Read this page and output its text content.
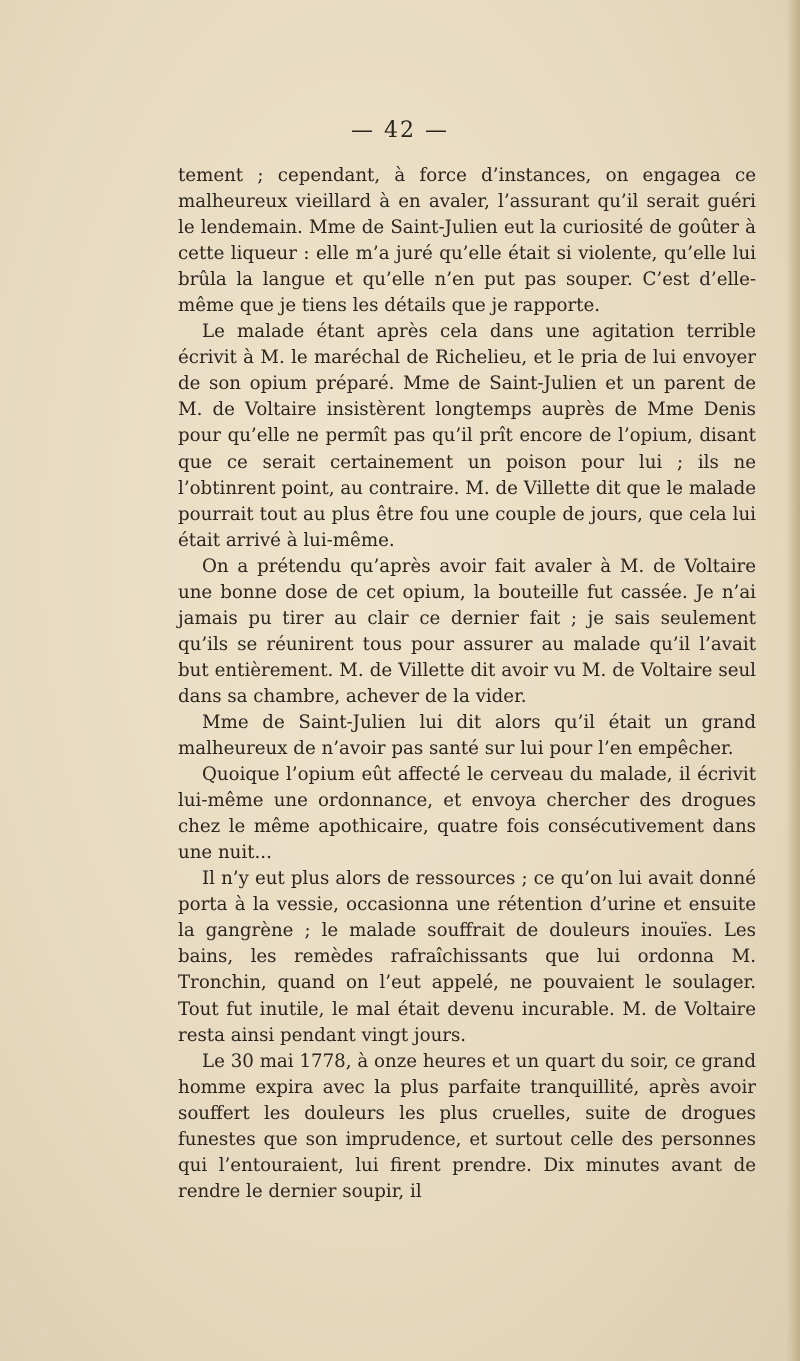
— 42 —

tement ; cependant, à force d’instances, on engagea ce malheureux vieillard à en avaler, l’assurant qu’il serait guéri le lendemain. Mme de Saint-Julien eut la curiosité de goûter à cette liqueur : elle m’a juré qu’elle était si violente, qu’elle lui brûla la langue et qu’elle n’en put pas souper. C’est d’elle-même que je tiens les détails que je rapporte.

Le malade étant après cela dans une agitation terrible écrivit à M. le maréchal de Richelieu, et le pria de lui envoyer de son opium préparé. Mme de Saint-Julien et un parent de M. de Voltaire insistèrent longtemps auprès de Mme Denis pour qu’elle ne permît pas qu’il prît encore de l’opium, disant que ce serait certainement un poison pour lui ; ils ne l’obtinrent point, au contraire. M. de Villette dit que le malade pourrait tout au plus être fou une couple de jours, que cela lui était arrivé à lui-même.

On a prétendu qu’après avoir fait avaler à M. de Voltaire une bonne dose de cet opium, la bouteille fut cassée. Je n’ai jamais pu tirer au clair ce dernier fait ; je sais seulement qu’ils se réunirent tous pour assurer au malade qu’il l’avait but entièrement. M. de Villette dit avoir vu M. de Voltaire seul dans sa chambre, achever de la vider.

Mme de Saint-Julien lui dit alors qu’il était un grand malheureux de n’avoir pas santé sur lui pour l’en empêcher.

Quoique l’opium eût affecté le cerveau du malade, il écrivit lui-même une ordonnance, et envoya chercher des drogues chez le même apothicaire, quatre fois consécutivement dans une nuit...

Il n’y eut plus alors de ressources ; ce qu’on lui avait donné porta à la vessie, occasionna une rétention d’urine et ensuite la gangrène ; le malade souffrait de douleurs inouïes. Les bains, les remèdes rafraîchissants que lui ordonna M. Tronchin, quand on l’eut appelé, ne pouvaient le soulager. Tout fut inutile, le mal était devenu incurable. M. de Voltaire resta ainsi pendant vingt jours.

Le 30 mai 1778, à onze heures et un quart du soir, ce grand homme expira avec la plus parfaite tranquillité, après avoir souffert les douleurs les plus cruelles, suite de drogues funestes que son imprudence, et surtout celle des personnes qui l’entouraient, lui firent prendre. Dix minutes avant de rendre le dernier soupir, il
